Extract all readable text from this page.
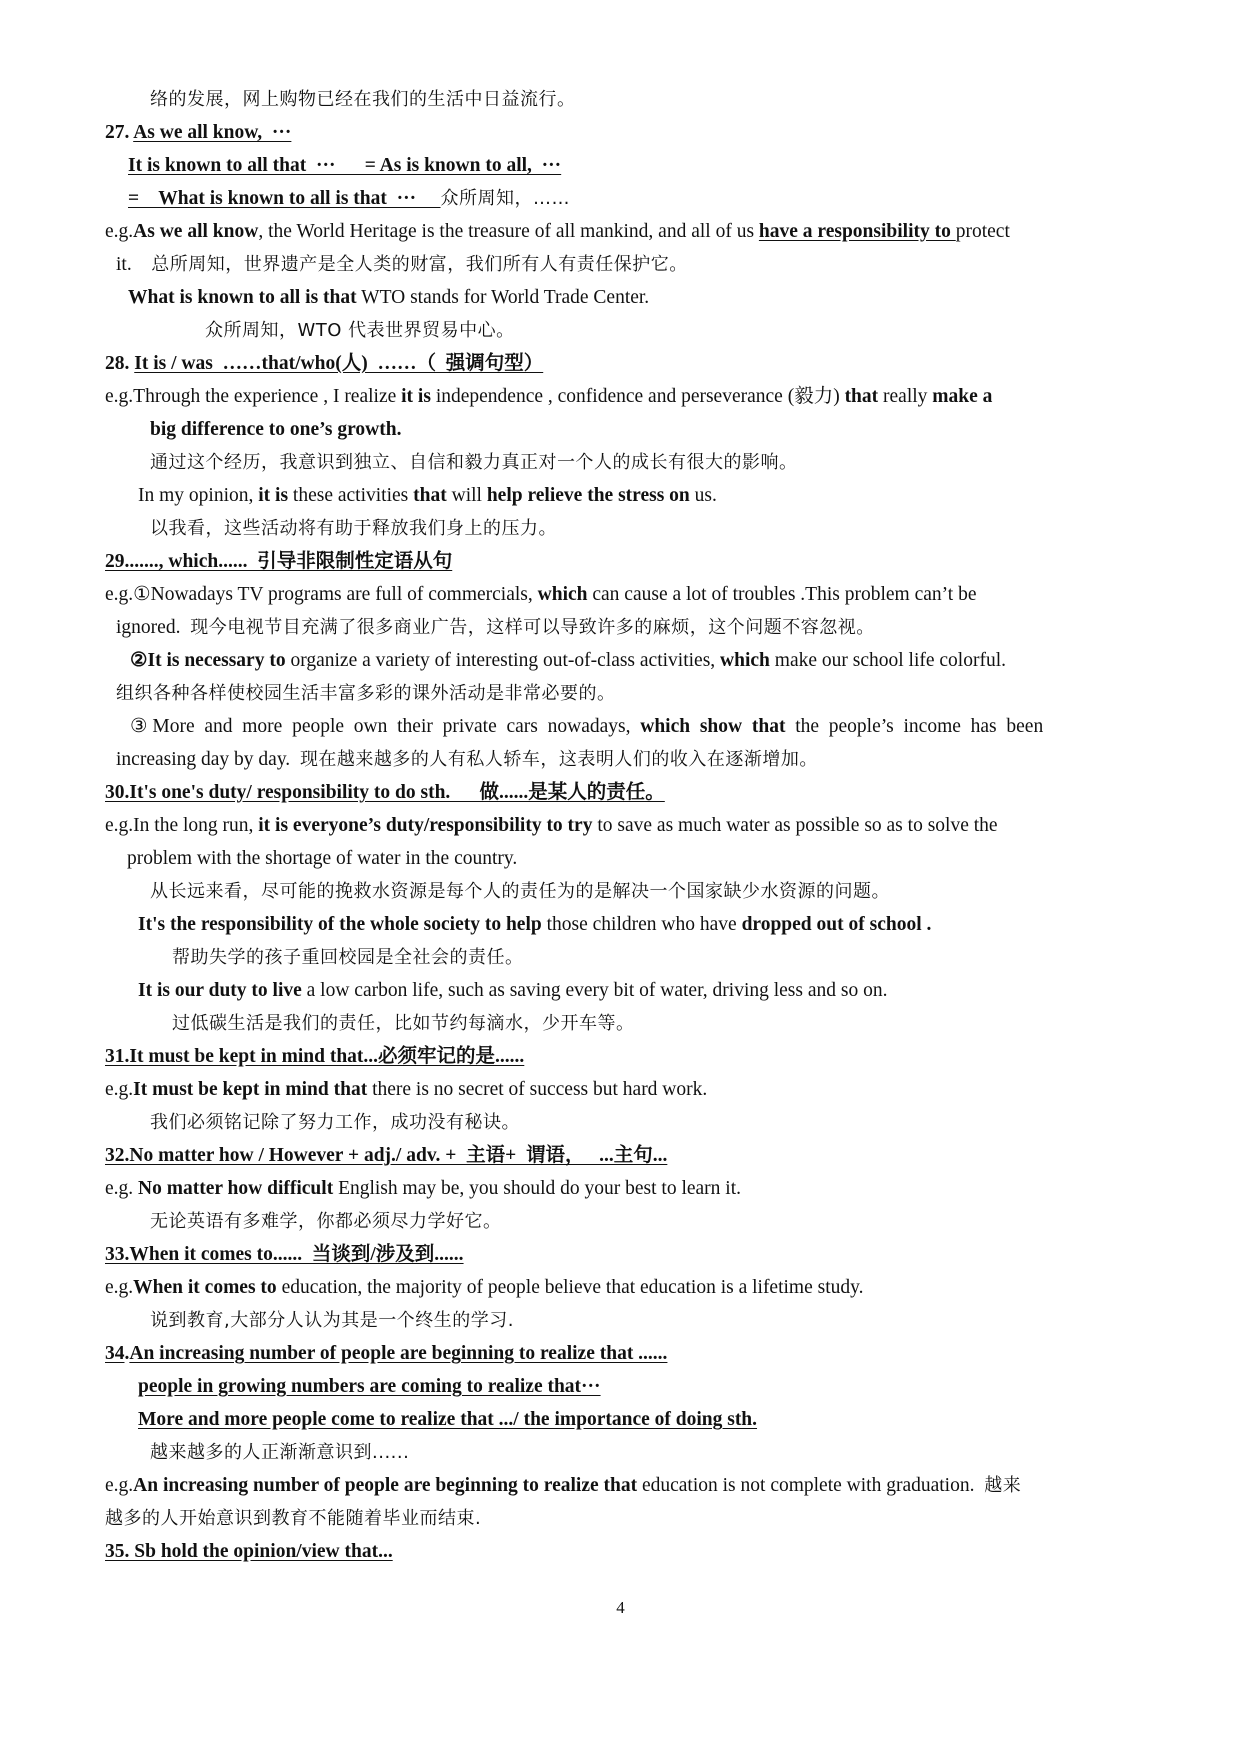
络的发展，网上购物已经在我们的生活中日益流行。
27. As we all know,  ···
It is known to all that  ···      = As is known to all,  ···
=    What is known to all is that  ···     众所周知，……
e.g.As we all know, the World Heritage is the treasure of all mankind, and all of us have a responsibility to protect
it.    总所周知，世界遗产是全人类的财富，我们所有人有责任保护它。
What is known to all is that WTO stands for World Trade Center.
众所周知，WTO 代表世界贸易中心。
28. It is / was  ……that/who(人)  ……（  强调句型）
e.g.Through the experience , I realize it is independence , confidence and perseverance (毅力) that really make a
big difference to one’s growth.
通过这个经历，我意识到独立、自信和毅力真正对一个人的成长有很大的影响。
In my opinion, it is these activities that will help relieve the stress on us.
以我看，这些活动将有助于释放我们身上的压力。
29......., which......  引导非限制性定语从句
e.g.①Nowadays TV programs are full of commercials, which can cause a lot of troubles .This problem can’t be
ignored.  现今电视节目充满了很多商业广告，这样可以导致许多的麻烦，这个问题不容忽视。
②It is necessary to organize a variety of interesting out-of-class activities, which make our school life colorful.
组织各种各样使校园生活丰富多彩的课外活动是非常必要的。
③ More  and  more  people  own  their  private  cars  nowadays,  which  show  that  the  people’s  income  has  been
increasing day by day.  现在越来越多的人有私人轿车，这表明人们的收入在逐渐增加。
30.It's one's duty/ responsibility to do sth.      做......是某人的责任。
e.g.In the long run, it is everyone’s duty/responsibility to try to save as much water as possible so as to solve the
problem with the shortage of water in the country.
从长远来看，尽可能的挽救水资源是每个人的责任为的是解决一个国家缺少水资源的问题。
It's the responsibility of the whole society to help those children who have dropped out of school .
帮助失学的孩子重回校园是全社会的责任。
It is our duty to live a low carbon life, such as saving every bit of water, driving less and so on.
过低碳生活是我们的责任，比如节约每滴水，少开车等。
31.It must be kept in mind that...必须牢记的是......
e.g.It must be kept in mind that there is no secret of success but hard work.
我们必须铭记除了努力工作，成功没有秘诀。
32.No matter how / However + adj./ adv. +  主语+  谓语，   ...主句...
e.g. No matter how difficult English may be, you should do your best to learn it.
无论英语有多难学，你都必须尽力学好它。
33.When it comes to......  当谈到/涉及到......
e.g.When it comes to education, the majority of people believe that education is a lifetime study.
说到教育,大部分人认为其是一个终生的学习.
34.An increasing number of people are beginning to realize that ......
people in growing numbers are coming to realize that···
More and more people come to realize that .../ the importance of doing sth.
越来越多的人正渐渐意识到......
e.g.An increasing number of people are beginning to realize that education is not complete with graduation.  越来
越多的人开始意识到教育不能随着毕业而结束.
35. Sb hold the opinion/view that...
4
